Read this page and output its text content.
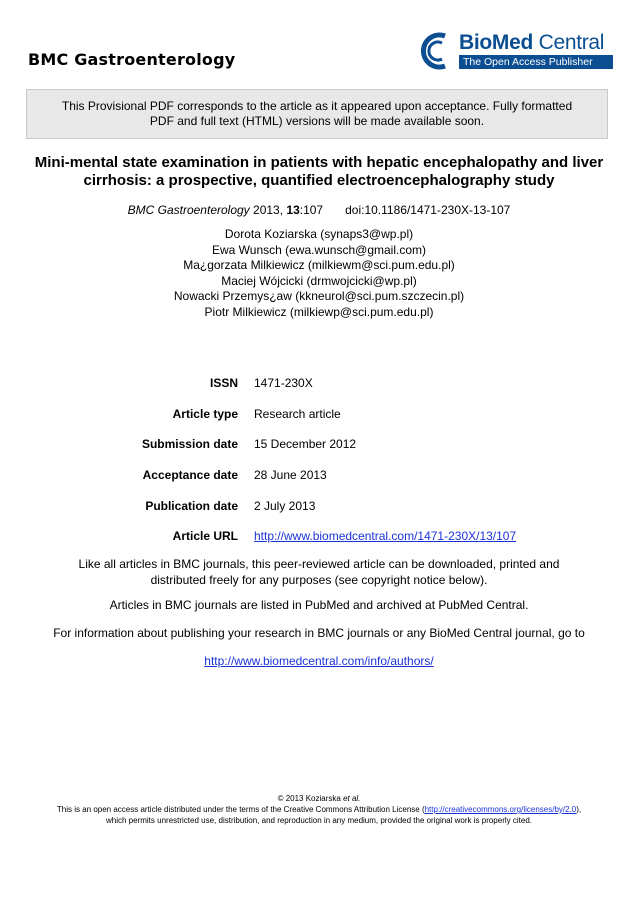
BMC Gastroenterology
BioMed Central
The Open Access Publisher
This Provisional PDF corresponds to the article as it appeared upon acceptance. Fully formatted
PDF and full text (HTML) versions will be made available soon.
Mini-mental state examination in patients with hepatic encephalopathy and liver
cirrhosis: a prospective, quantified electroencephalography study
BMC Gastroenterology 2013, 13:107 doi:10.1186/1471-230X-13-107
Dorota Koziarska (synaps3@wp.pl)
Ewa Wunsch (ewa.wunsch@gmail.com)
Ma¿gorzata Milkiewicz (milkiewm@sci.pum.edu.pl)
Maciej Wójcicki (drmwojcicki@wp.pl)
Nowacki Przemys¿aw (kkneurol@sci.pum.szczecin.pl)
Piotr Milkiewicz (milkiewp@sci.pum.edu.pl)
ISSN 1471-230X
Article type Research article
Submission date 15 December 2012
Acceptance date 28 June 2013
Publication date 2 July 2013
Article URL http://www.biomedcentral.com/1471-230X/13/107
Like all articles in BMC journals, this peer-reviewed article can be downloaded, printed and
distributed freely for any purposes (see copyright notice below).
Articles in BMC journals are listed in PubMed and archived at PubMed Central.
For information about publishing your research in BMC journals or any BioMed Central journal, go to
http://www.biomedcentral.com/info/authors/
© 2013 Koziarska et al.
This is an open access article distributed under the terms of the Creative Commons Attribution License (http://creativecommons.org/licenses/by/2.0),
which permits unrestricted use, distribution, and reproduction in any medium, provided the original work is properly cited.
